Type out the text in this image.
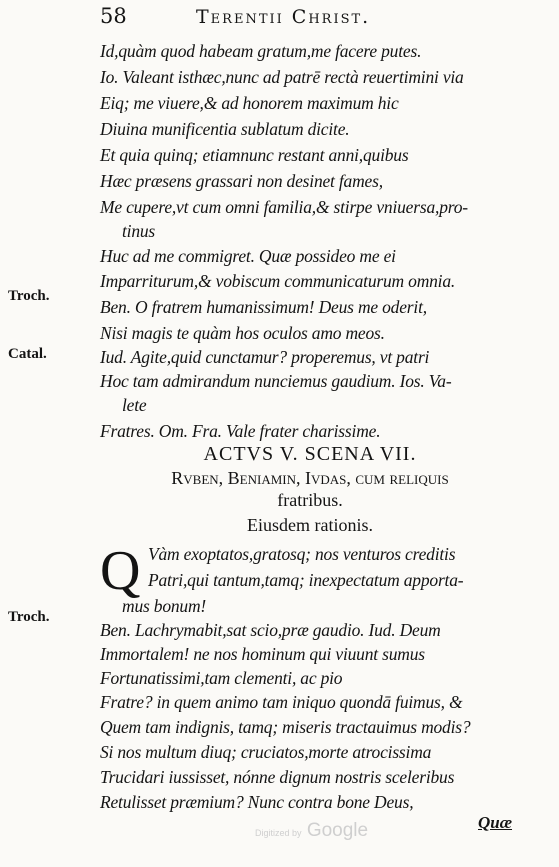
58	Terentii Christ.
Id,quàm quod habeam gratum,me facere putes.
Io. Valeant isthæc,nunc ad patrē rectà reuertimini via
Eiq; me viuere,& ad honorem maximum hic
Diuina munificentia sublatum dicite.
Et quia quinq; etiamnunc restant anni,quibus
Hæc præsens grassari non desinet fames,
Me cupere,vt cum omni familia,& stirpe vniuersa,pro-
tinus
Huc ad me commigret. Quæ possideo me ei
Imparriturum,& vobiscum communicaturum omnia.
Ben. O fratrem humanissimum! Deus me oderit,
Nisi magis te quàm hos oculos amo meos.
Iud. Agite,quid cunctamur? properemus, vt patri
Hoc tam admirandum nunciemus gaudium. Ios. Va-
lete
Fratres. Om. Fra. Vale frater charissime.
ACTVS V. SCENA VII.
Rvben, Beniamin, Ivdas, cum reliquis
fratribus.
Eiusdem rationis.
Q Vàm exoptatos,gratosq; nos venturos creditis
Patri,qui tantum,tamq; inexpectatum apporta-
mus bonum!
Ben. Lachrymabit,sat scio,præ gaudio. Iud. Deum
Immortalem! ne nos hominum qui viuunt sumus
Fortunatissimi,tam clementi, ac pio
Fratre? in quem animo tam iniquo quondā fuimus, &
Quem tam indignis, tamq; miseris tractauimus modis?
Si nos multum diuq; cruciatos,morte atrocissima
Trucidari iussisset, nónne dignum nostris sceleribus
Retulisset præmium? Nunc contra bone Deus,
Troch.
Catal.
Troch.
Quæ
Digitized by Google
